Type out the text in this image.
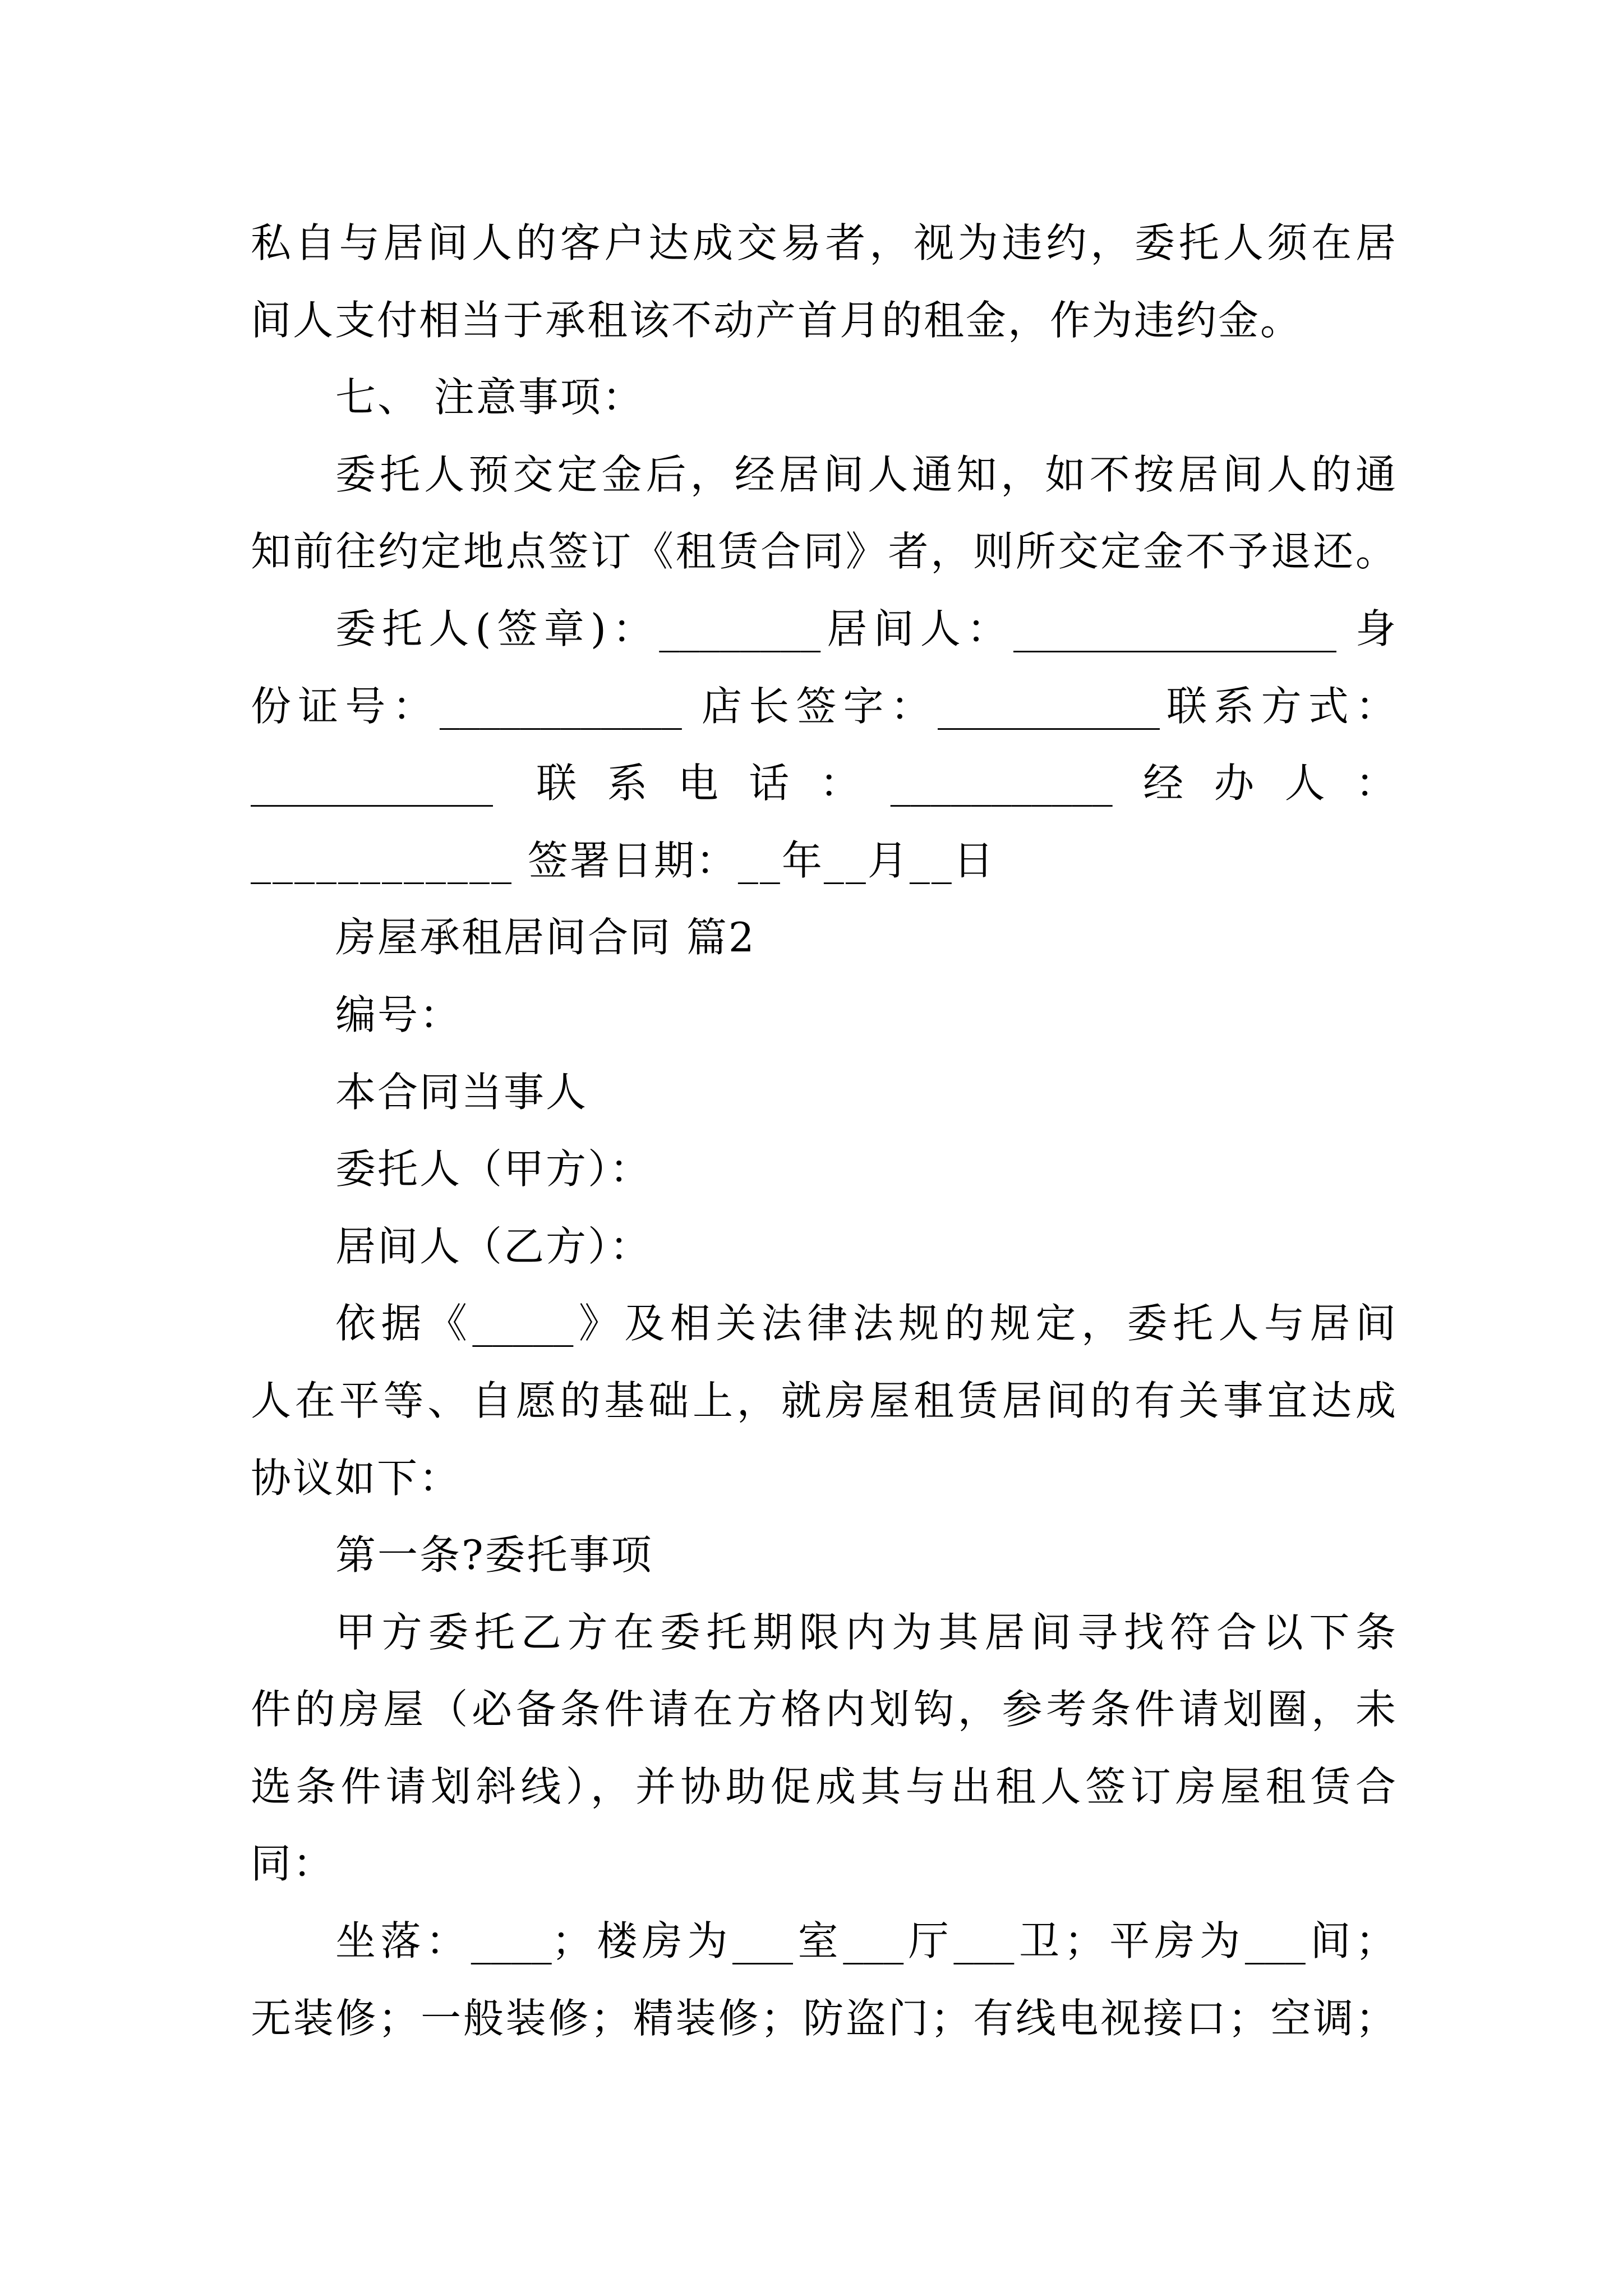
私自与居间人的客户达成交易者，视为违约，委托人须在居
间人支付相当于承租该不动产首月的租金，作为违约金。
七、 注意事项：
委托人预交定金后，经居间人通知，如不按居间人的通
知前往约定地点签订《租赁合同》者，则所交定金不予退还。
委托人(签章)：________居间人：________________ 身
份证号：____________ 店长签字：___________联系方式：
____________ 联系电话：___________经办人：
____________ 签署日期：__年__月__日
房屋承租居间合同 篇2
编号：
本合同当事人
委托人（甲方）：
居间人（乙方）：
依据《_____》及相关法律法规的规定，委托人与居间
人在平等、自愿的基础上，就房屋租赁居间的有关事宜达成
协议如下：
第一条?委托事项
甲方委托乙方在委托期限内为其居间寻找符合以下条
件的房屋（必备条件请在方格内划钩，参考条件请划圈，未
选条件请划斜线），并协助促成其与出租人签订房屋租赁合
同：
坐落：____；楼房为___室___厅___卫；平房为___间；
无装修；一般装修；精装修；防盗门；有线电视接口；空调；
